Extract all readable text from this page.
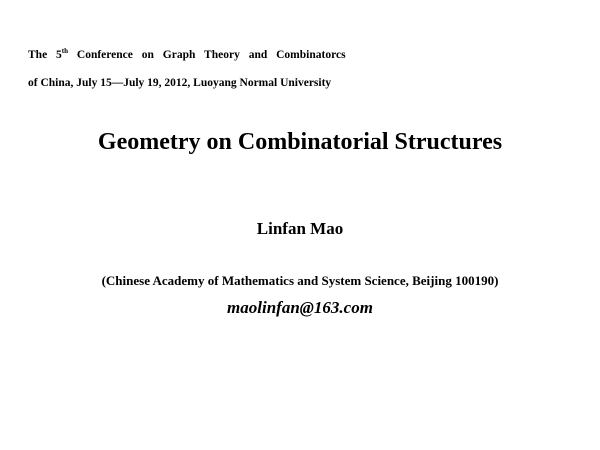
The 5th Conference on Graph Theory and Combinatorcs
of China, July 15—July 19, 2012, Luoyang Normal University
Geometry on Combinatorial Structures
Linfan Mao
(Chinese Academy of Mathematics and System Science, Beijing 100190)
maolinfan@163.com
